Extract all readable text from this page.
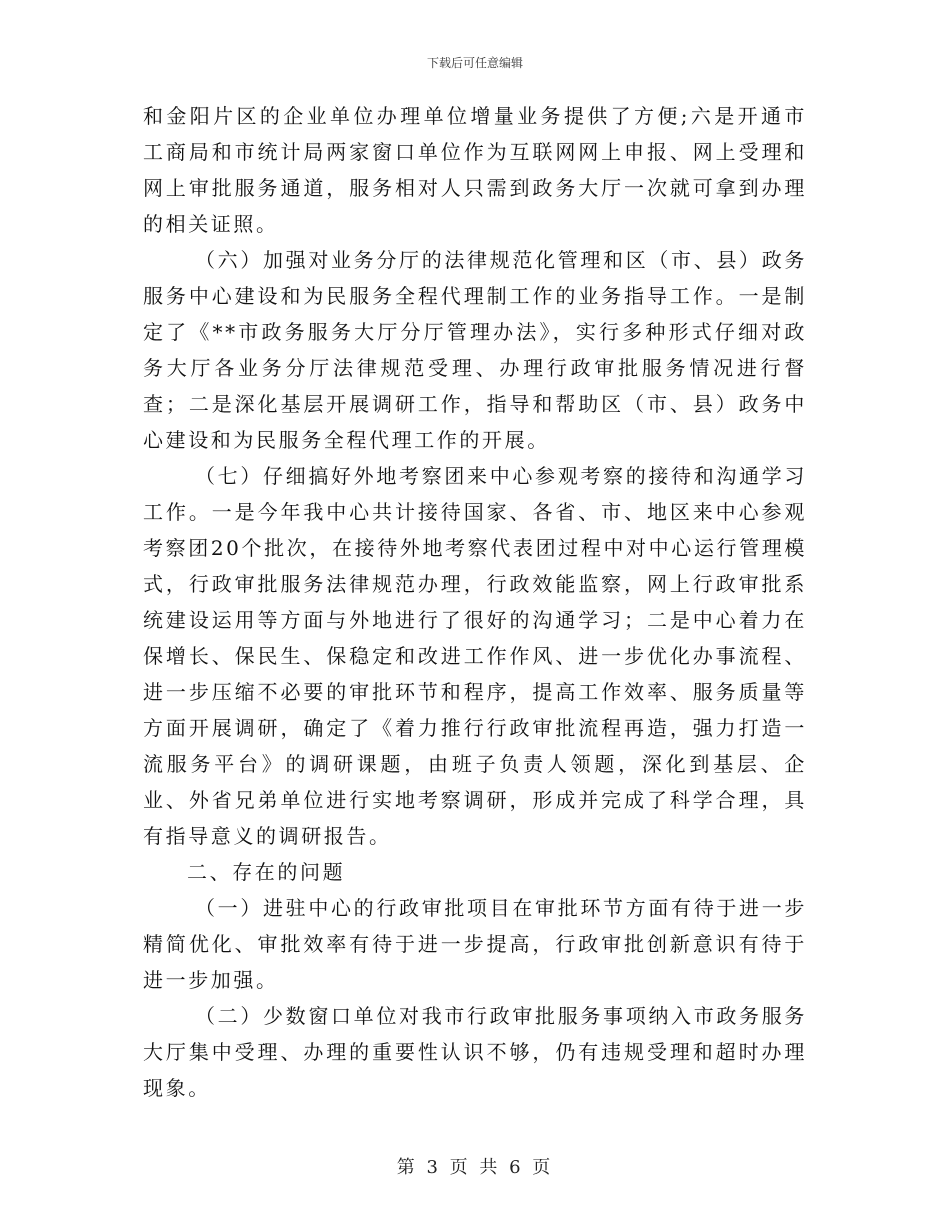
下载后可任意编辑

和金阳片区的企业单位办理单位增量业务提供了方便;六是开通市工商局和市统计局两家窗口单位作为互联网网上申报、网上受理和网上审批服务通道，服务相对人只需到政务大厅一次就可拿到办理的相关证照。

（六）加强对业务分厅的法律规范化管理和区（市、县）政务服务中心建设和为民服务全程代理制工作的业务指导工作。一是制定了《**市政务服务大厅分厅管理办法》，实行多种形式仔细对政务大厅各业务分厅法律规范受理、办理行政审批服务情况进行督查；二是深化基层开展调研工作，指导和帮助区（市、县）政务中心建设和为民服务全程代理工作的开展。

（七）仔细搞好外地考察团来中心参观考察的接待和沟通学习工作。一是今年我中心共计接待国家、各省、市、地区来中心参观考察团20个批次，在接待外地考察代表团过程中对中心运行管理模式，行政审批服务法律规范办理，行政效能监察，网上行政审批系统建设运用等方面与外地进行了很好的沟通学习；二是中心着力在保增长、保民生、保稳定和改进工作作风、进一步优化办事流程、进一步压缩不必要的审批环节和程序，提高工作效率、服务质量等方面开展调研，确定了《着力推行行政审批流程再造，强力打造一流服务平台》的调研课题，由班子负责人领题，深化到基层、企业、外省兄弟单位进行实地考察调研，形成并完成了科学合理，具有指导意义的调研报告。

二、存在的问题

（一）进驻中心的行政审批项目在审批环节方面有待于进一步精简优化、审批效率有待于进一步提高，行政审批创新意识有待于进一步加强。

（二）少数窗口单位对我市行政审批服务事项纳入市政务服务大厅集中受理、办理的重要性认识不够，仍有违规受理和超时办理现象。

第 3 页 共 6 页
